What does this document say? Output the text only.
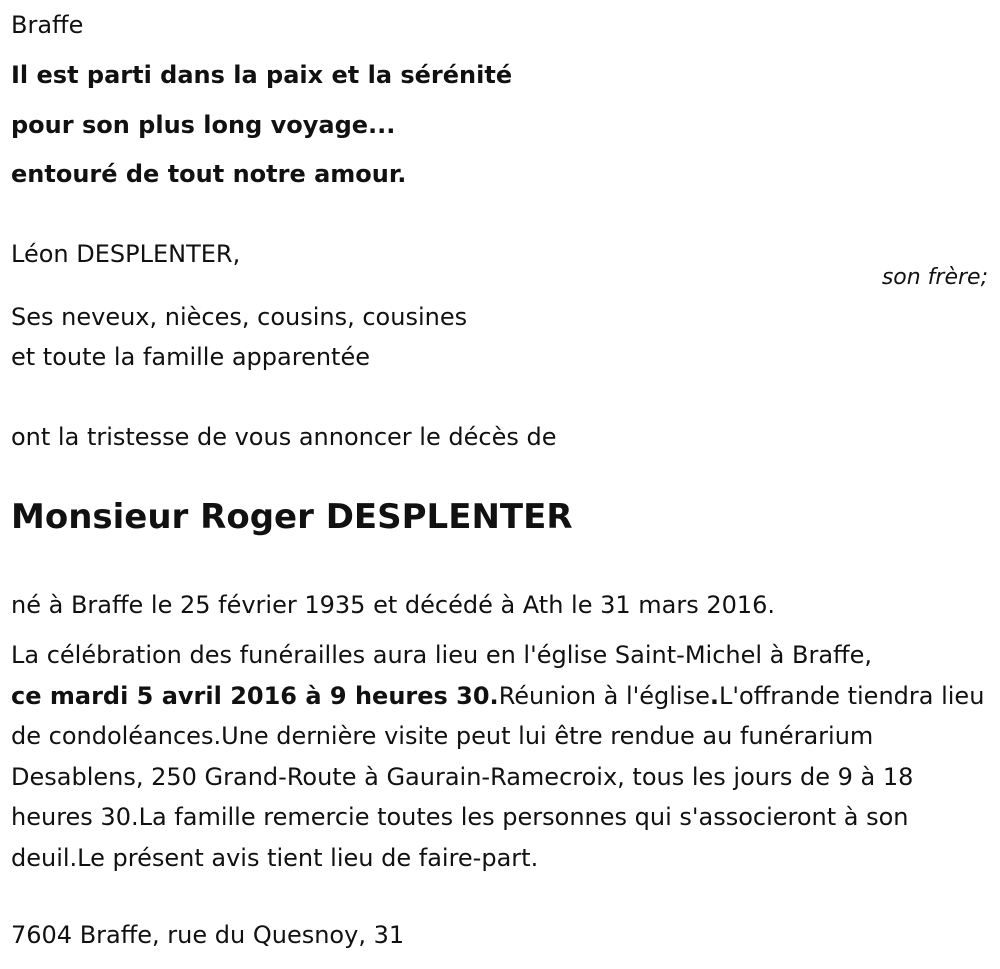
Braffe
Il est parti dans la paix et la sérénité
pour son plus long voyage...
entouré de tout notre amour.
Léon DESPLENTER,
son frère;
Ses neveux, nièces, cousins, cousines
et toute la famille apparentée
ont la tristesse de vous annoncer le décès de
Monsieur Roger DESPLENTER
né à Braffe le 25 février 1935 et décédé à Ath le 31 mars 2016.
La célébration des funérailles aura lieu en l'église Saint-Michel à Braffe,
ce mardi 5 avril 2016 à 9 heures 30.Réunion à l'église.L'offrande tiendra lieu de condoléances.Une dernière visite peut lui être rendue au funérarium Desablens, 250 Grand-Route à Gaurain-Ramecroix, tous les jours de 9 à 18 heures 30.La famille remercie toutes les personnes qui s'associeront à son deuil.Le présent avis tient lieu de faire-part.
7604 Braffe, rue du Quesnoy, 31
